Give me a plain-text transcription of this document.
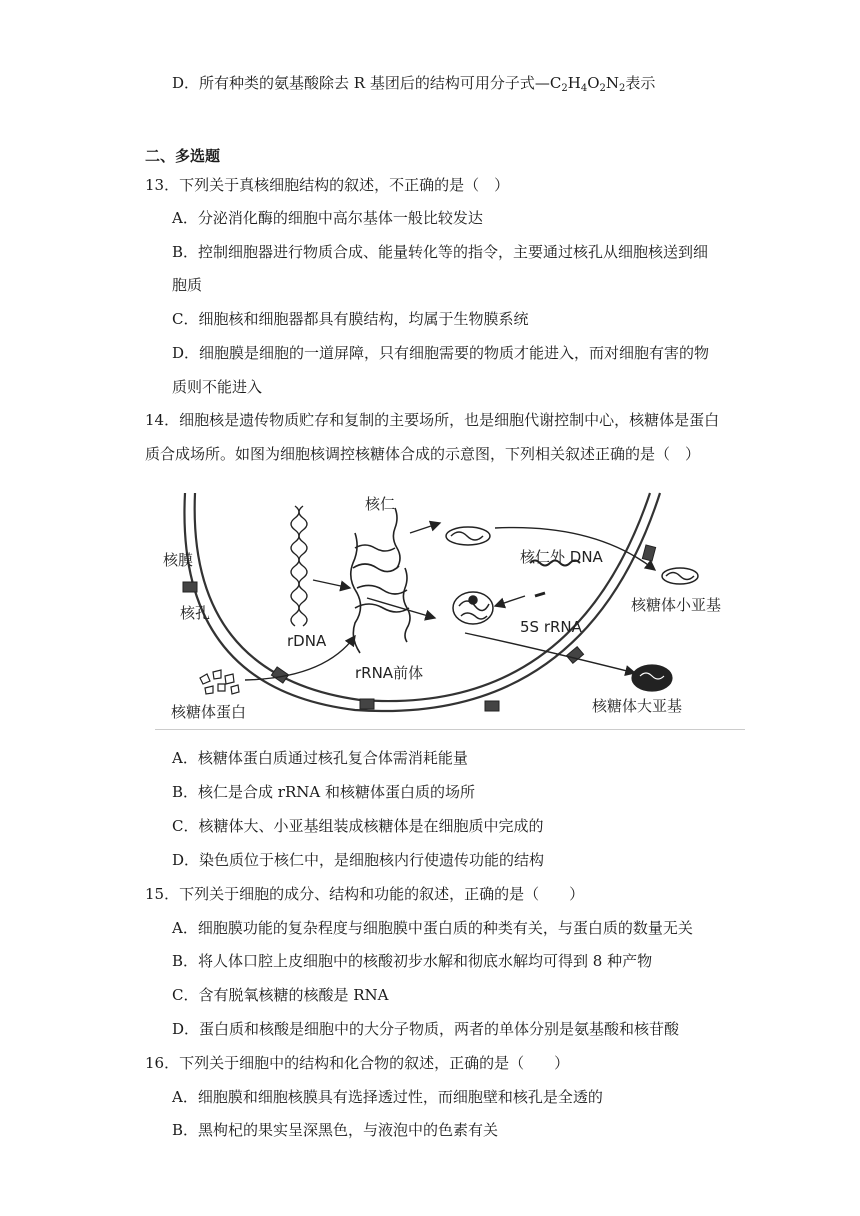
D．所有种类的氨基酸除去 R 基团后的结构可用分子式$—C_2H_4O_2N_2$表示
二、多选题
13．下列关于真核细胞结构的叙述，不正确的是（　）
A．分泌消化酶的细胞中高尔基体一般比较发达
B．控制细胞器进行物质合成、能量转化等的指令，主要通过核孔从细胞核送到细
胞质
C．细胞核和细胞器都具有膜结构，均属于生物膜系统
D．细胞膜是细胞的一道屏障，只有细胞需要的物质才能进入，而对细胞有害的物
质则不能进入
14．细胞核是遗传物质贮存和复制的主要场所，也是细胞代谢控制中心，核糖体是蛋白
质合成场所。如图为细胞核调控核糖体合成的示意图，下列相关叙述正确的是（　）
核仁
核膜
核孔
rDNA
rRNA前体
核仁外 DNA
5S rRNA
核糖体小亚基
核糖体大亚基
核糖体蛋白
A．核糖体蛋白质通过核孔复合体需消耗能量
B．核仁是合成 rRNA 和核糖体蛋白质的场所
C．核糖体大、小亚基组装成核糖体是在细胞质中完成的
D．染色质位于核仁中，是细胞核内行使遗传功能的结构
15．下列关于细胞的成分、结构和功能的叙述，正确的是（　　）
A．细胞膜功能的复杂程度与细胞膜中蛋白质的种类有关，与蛋白质的数量无关
B．将人体口腔上皮细胞中的核酸初步水解和彻底水解均可得到 8 种产物
C．含有脱氧核糖的核酸是 RNA
D．蛋白质和核酸是细胞中的大分子物质，两者的单体分别是氨基酸和核苷酸
16．下列关于细胞中的结构和化合物的叙述，正确的是（　　）
A．细胞膜和细胞核膜具有选择透过性，而细胞壁和核孔是全透的
B．黑枸杞的果实呈深黑色，与液泡中的色素有关
